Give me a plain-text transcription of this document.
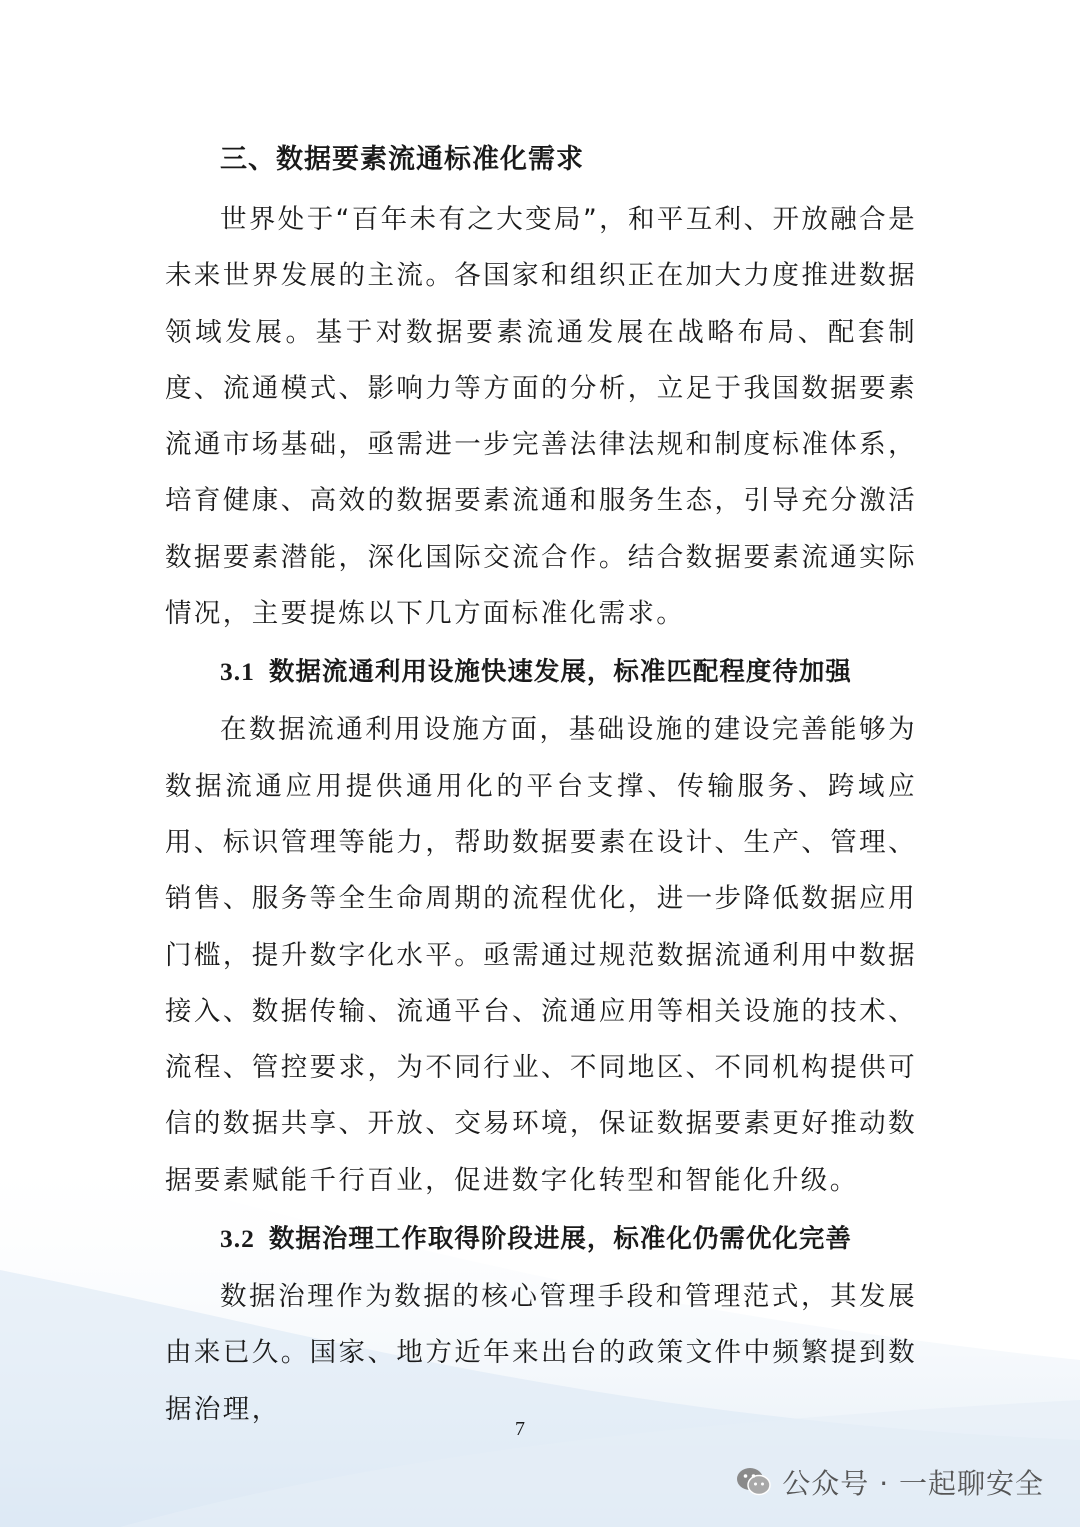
三、数据要素流通标准化需求

世界处于“百年未有之大变局”，和平互利、开放融合是未来世界发展的主流。各国家和组织正在加大力度推进数据领域发展。基于对数据要素流通发展在战略布局、配套制度、流通模式、影响力等方面的分析，立足于我国数据要素流通市场基础，亟需进一步完善法律法规和制度标准体系，培育健康、高效的数据要素流通和服务生态，引导充分激活数据要素潜能，深化国际交流合作。结合数据要素流通实际情况，主要提炼以下几方面标准化需求。

3.1 数据流通利用设施快速发展，标准匹配程度待加强

在数据流通利用设施方面，基础设施的建设完善能够为数据流通应用提供通用化的平台支撑、传输服务、跨域应用、标识管理等能力，帮助数据要素在设计、生产、管理、销售、服务等全生命周期的流程优化，进一步降低数据应用门槛，提升数字化水平。亟需通过规范数据流通利用中数据接入、数据传输、流通平台、流通应用等相关设施的技术、流程、管控要求，为不同行业、不同地区、不同机构提供可信的数据共享、开放、交易环境，保证数据要素更好推动数据要素赋能千行百业，促进数字化转型和智能化升级。

3.2 数据治理工作取得阶段进展，标准化仍需优化完善

数据治理作为数据的核心管理手段和管理范式，其发展由来已久。国家、地方近年来出台的政策文件中频繁提到数据治理，

7
公众号 · 一起聊安全
